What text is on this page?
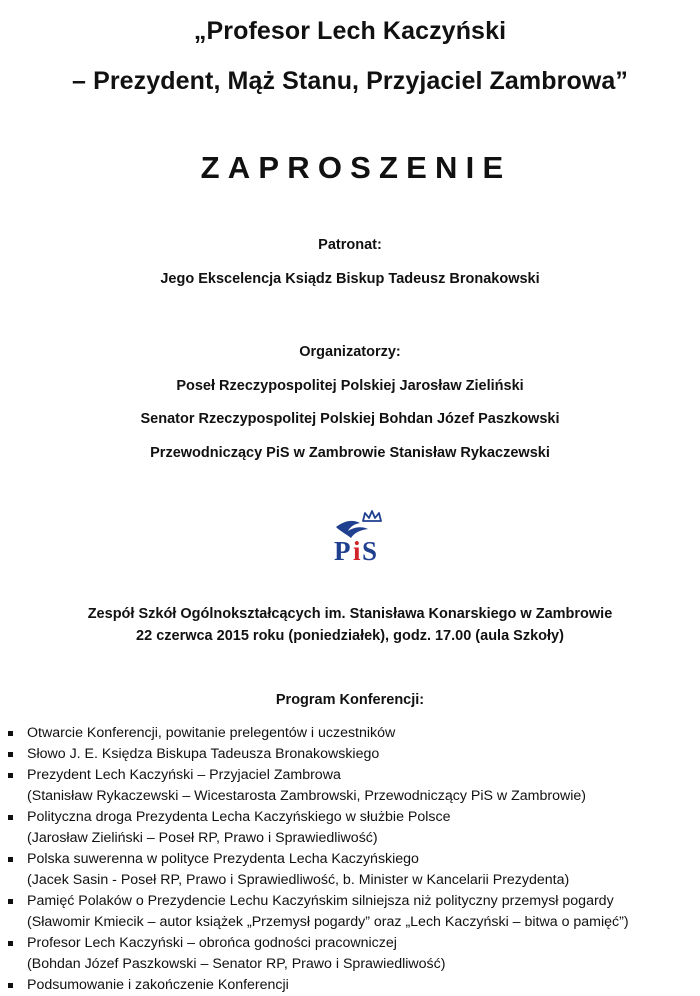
„Profesor Lech Kaczyński
– Prezydent, Mąż Stanu, Przyjaciel Zambrowa”
ZAPROSZENIE
Patronat:
Jego Ekscelencja Ksiądz Biskup Tadeusz Bronakowski
Organizatorzy:
Poseł Rzeczypospolitej Polskiej Jarosław Zieliński
Senator Rzeczypospolitej Polskiej Bohdan Józef Paszkowski
Przewodniczący PiS w Zambrowie Stanisław Rykaczewski
P i S
Zespół Szkół Ogólnokształcących im. Stanisława Konarskiego w Zambrowie
22 czerwca 2015 roku (poniedziałek), godz. 17.00 (aula Szkoły)
Program Konferencji:
Otwarcie Konferencji, powitanie prelegentów i uczestników
Słowo J. E. Księdza Biskupa Tadeusza Bronakowskiego
Prezydent Lech Kaczyński – Przyjaciel Zambrowa
(Stanisław Rykaczewski – Wicestarosta Zambrowski, Przewodniczący PiS w Zambrowie)
Polityczna droga Prezydenta Lecha Kaczyńskiego w służbie Polsce
(Jarosław Zieliński – Poseł RP, Prawo i Sprawiedliwość)
Polska suwerenna w polityce Prezydenta Lecha Kaczyńskiego
(Jacek Sasin - Poseł RP, Prawo i Sprawiedliwość, b. Minister w Kancelarii Prezydenta)
Pamięć Polaków o Prezydencie Lechu Kaczyńskim silniejsza niż polityczny przemysł pogardy
(Sławomir Kmiecik – autor książek „Przemysł pogardy” oraz „Lech Kaczyński – bitwa o pamięć”)
Profesor Lech Kaczyński – obrońca godności pracowniczej
(Bohdan Józef Paszkowski – Senator RP, Prawo i Sprawiedliwość)
Podsumowanie i zakończenie Konferencji
